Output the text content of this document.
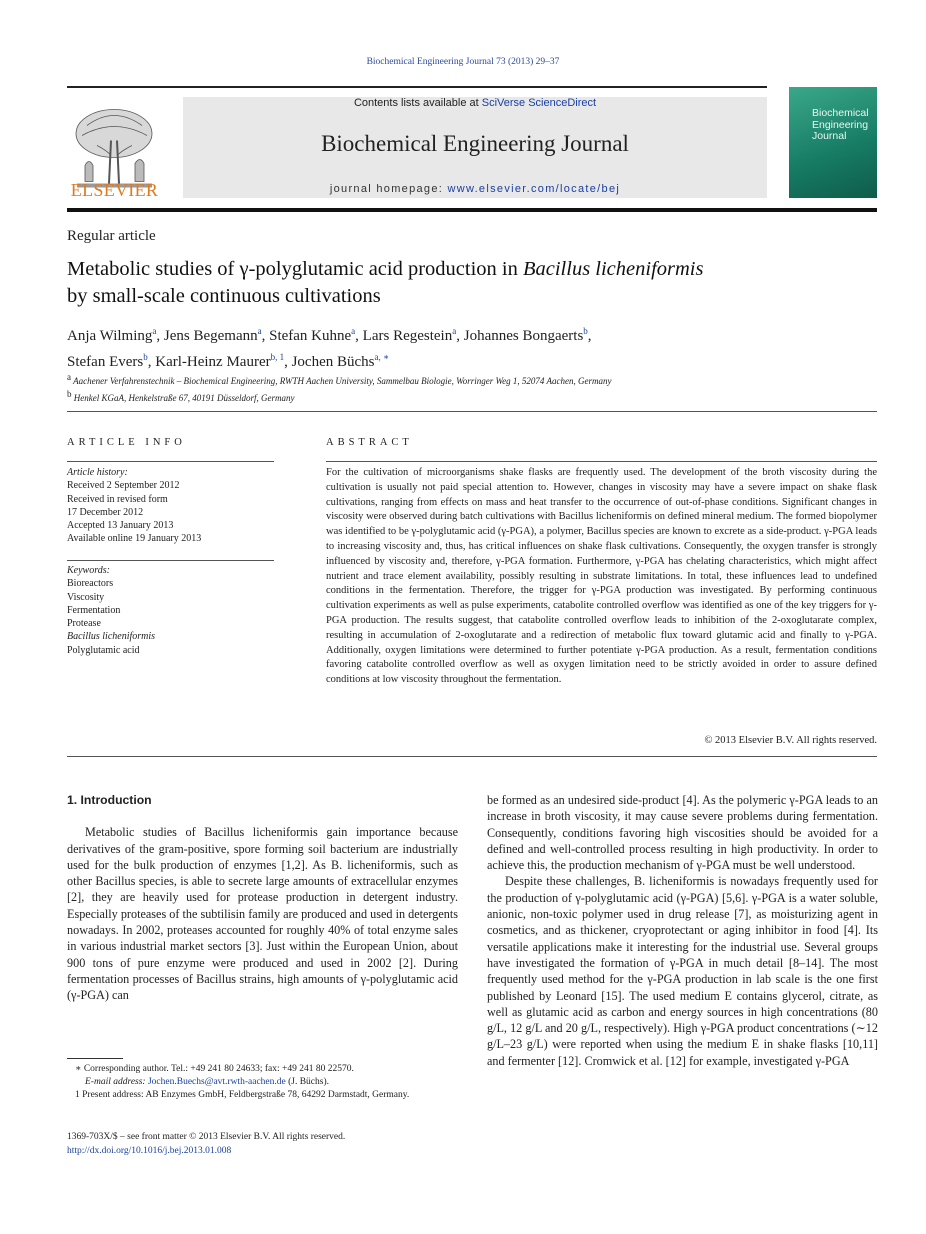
Biochemical Engineering Journal 73 (2013) 29–37
ELSEVIER
Contents lists available at SciVerse ScienceDirect
Biochemical Engineering Journal
journal homepage: www.elsevier.com/locate/bej
Biochemical
Engineering
Journal
Regular article
Metabolic studies of γ-polyglutamic acid production in Bacillus licheniformis
by small-scale continuous cultivations
Anja Wilming$^a$, Jens Begemann$^a$, Stefan Kuhne$^a$, Lars Regestein$^a$, Johannes Bongaerts$^b$,
Stefan Evers$^b$, Karl-Heinz Maurer$^{b, 1}$, Jochen Büchs$^{a, ∗}$
$^a$ Aachener Verfahrenstechnik – Biochemical Engineering, RWTH Aachen University, Sammelbau Biologie, Worringer Weg 1, 52074 Aachen, Germany
$^b$ Henkel KGaA, Henkelstraße 67, 40191 Düsseldorf, Germany
ARTICLE INFO	ABSTRACT
Article history:
Received 2 September 2012
Received in revised form
17 December 2012
Accepted 13 January 2013
Available online 19 January 2013
Keywords:
Bioreactors
Viscosity
Fermentation
Protease
Bacillus licheniformis
Polyglutamic acid
For the cultivation of microorganisms shake flasks are frequently used. The development of the broth viscosity during the cultivation is usually not paid special attention to. However, changes in viscosity may have a severe impact on shake flask cultivations, ranging from effects on mass and heat transfer to the occurrence of out-of-phase conditions. Significant changes in viscosity were observed during batch cultivations with Bacillus licheniformis on defined mineral medium. The formed biopolymer was identified to be γ-polyglutamic acid (γ-PGA), a polymer, Bacillus species are known to excrete as a side-product. γ-PGA leads to increasing viscosity and, thus, has critical influences on shake flask cultivations. Consequently, the oxygen transfer is strongly influenced by viscosity and, therefore, γ-PGA formation. Furthermore, γ-PGA has chelating characteristics, which might affect nutrient and trace element availability, possibly resulting in substrate limitations. In total, these influences lead to undefined conditions in the fermentation. Therefore, the trigger for γ-PGA production was investigated. By performing continuous cultivation experiments as well as pulse experiments, catabolite controlled overflow was identified as one of the key triggers for γ-PGA production. The results suggest, that catabolite controlled overflow leads to inhibition of the 2-oxoglutarate complex, resulting in accumulation of 2-oxoglutarate and a redirection of metabolic flux toward glutamic acid and finally to γ-PGA. Additionally, oxygen limitations were determined to further potentiate γ-PGA production. As a result, fermentation conditions favoring catabolite controlled overflow as well as oxygen limitation need to be strictly avoided in order to assure defined conditions at low viscosity throughout the fermentation.
© 2013 Elsevier B.V. All rights reserved.
1. Introduction

Metabolic studies of Bacillus licheniformis gain importance because derivatives of the gram-positive, spore forming soil bacterium are industrially used for the bulk production of enzymes [1,2]. As B. licheniformis, such as other Bacillus species, is able to secrete large amounts of extracellular enzymes [2], they are heavily used for protease production in detergent industry. Especially proteases of the subtilisin family are produced and used in detergents nowadays. In 2002, proteases accounted for roughly 40% of total enzyme sales in various industrial market sectors [3]. Just within the European Union, about 900 tons of pure enzyme were produced and used in 2002 [2]. During fermentation processes of Bacillus strains, high amounts of γ-polyglutamic acid (γ-PGA) can

be formed as an undesired side-product [4]. As the polymeric γ-PGA leads to an increase in broth viscosity, it may cause severe problems during fermentation. Consequently, conditions favoring high viscosities should be avoided for a defined and well-controlled process resulting in high productivity. In order to achieve this, the production mechanism of γ-PGA must be well understood.

Despite these challenges, B. licheniformis is nowadays frequently used for the production of γ-polyglutamic acid (γ-PGA) [5,6]. γ-PGA is a water soluble, anionic, non-toxic polymer used in drug release [7], as moisturizing agent in cosmetics, and as thickener, cryoprotectant or aging inhibitor in food [4]. Its versatile applications make it interesting for the industrial use. Several groups have investigated the formation of γ-PGA in much detail [8–14]. The most frequently used method for the γ-PGA production in lab scale is the one first published by Leonard [15]. The used medium E contains glycerol, citrate, as well as glutamic acid as carbon and energy sources in high concentrations (80 g/L, 12 g/L and 20 g/L, respectively). High γ-PGA product concentrations (∼12 g/L–23 g/L) were reported when using the medium E in shake flasks [10,11] and fermenter [12]. Cromwick et al. [12] for example, investigated γ-PGA

∗ Corresponding author. Tel.: +49 241 80 24633; fax: +49 241 80 22570.
E-mail address: Jochen.Buechs@avt.rwth-aachen.de (J. Büchs).
1 Present address: AB Enzymes GmbH, Feldbergstraße 78, 64292 Darmstadt, Germany.
1369-703X/$ – see front matter © 2013 Elsevier B.V. All rights reserved.
http://dx.doi.org/10.1016/j.bej.2013.01.008
